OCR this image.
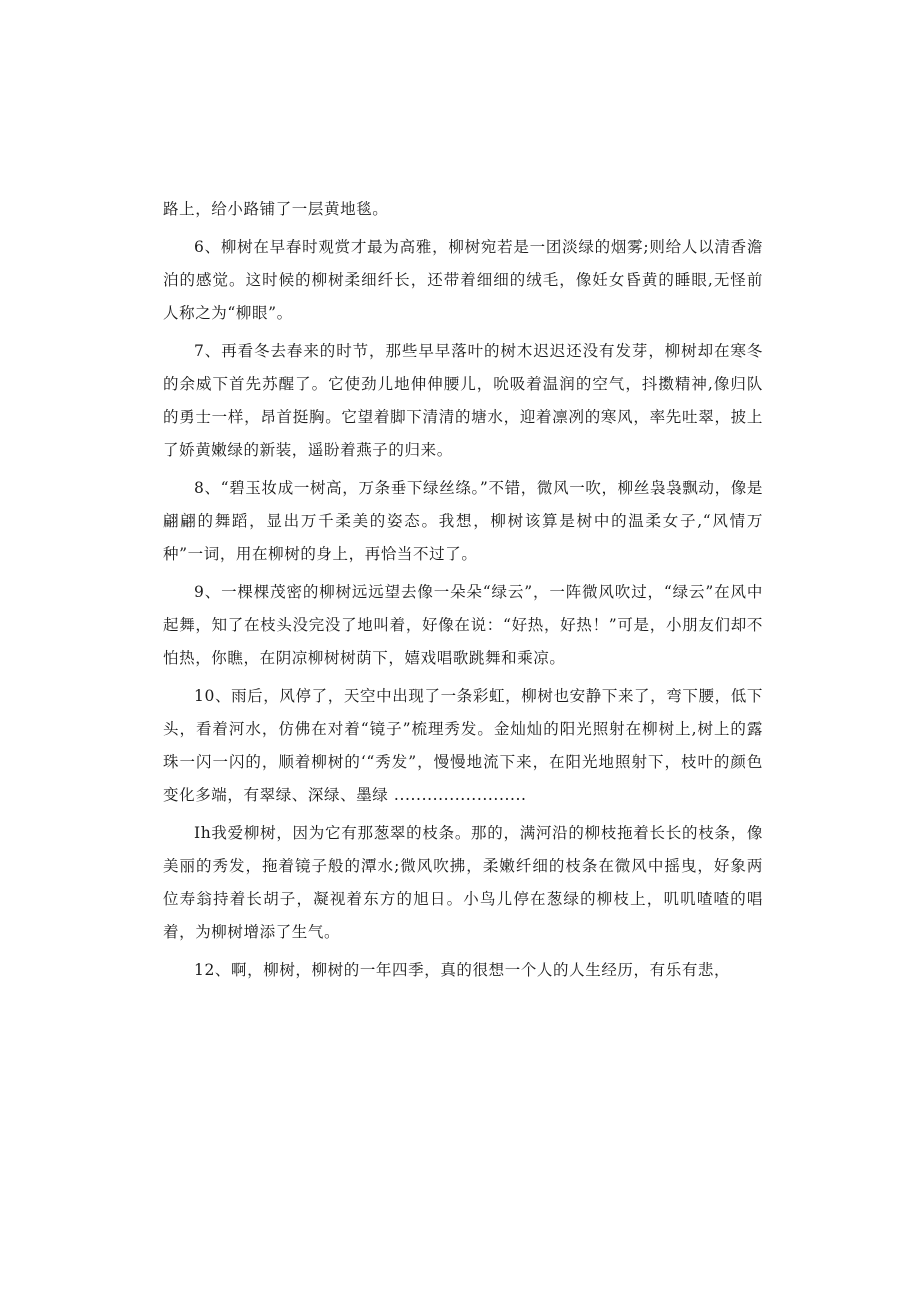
路上，给小路铺了一层黄地毯。

6、柳树在早春时观赏才最为高雅，柳树宛若是一团淡绿的烟雾;则给人以清香澹泊的感觉。这时候的柳树柔细纤长，还带着细细的绒毛，像妊女昏黄的睡眼,无怪前人称之为“柳眼”。

7、再看冬去春来的时节，那些早早落叶的树木迟迟还没有发芽，柳树却在寒冬的余威下首先苏醒了。它使劲儿地伸伸腰儿，吮吸着温润的空气，抖擞精神,像归队的勇士一样，昂首挺胸。它望着脚下清清的塘水，迎着凛冽的寒风，率先吐翠，披上了娇黄嫩绿的新装，遥盼着燕子的归来。

8、“碧玉妆成一树高，万条垂下绿丝绦。”不错，微风一吹，柳丝袅袅飘动，像是翩翩的舞蹈，显出万千柔美的姿态。我想，柳树该算是树中的温柔女子,“风情万种”一词，用在柳树的身上，再恰当不过了。

9、一棵棵茂密的柳树远远望去像一朵朵“绿云”，一阵微风吹过，“绿云”在风中起舞，知了在枝头没完没了地叫着，好像在说：“好热，好热！”可是，小朋友们却不怕热，你瞧，在阴凉柳树树荫下，嬉戏唱歌跳舞和乘凉。

10、雨后，风停了，天空中出现了一条彩虹，柳树也安静下来了，弯下腰，低下头，看着河水，仿佛在对着“镜子”梳理秀发。金灿灿的阳光照射在柳树上,树上的露珠一闪一闪的，顺着柳树的‘“秀发”，慢慢地流下来，在阳光地照射下，枝叶的颜色变化多端，有翠绿、深绿、墨绿 ........................

Ih我爱柳树，因为它有那葱翠的枝条。那的，满河沿的柳枝拖着长长的枝条，像美丽的秀发，拖着镜子般的潭水;微风吹拂，柔嫩纤细的枝条在微风中摇曳，好象两位寿翁持着长胡子，凝视着东方的旭日。小鸟儿停在葱绿的柳枝上，叽叽喳喳的唱着，为柳树增添了生气。

12、啊，柳树，柳树的一年四季，真的很想一个人的人生经历，有乐有悲，
